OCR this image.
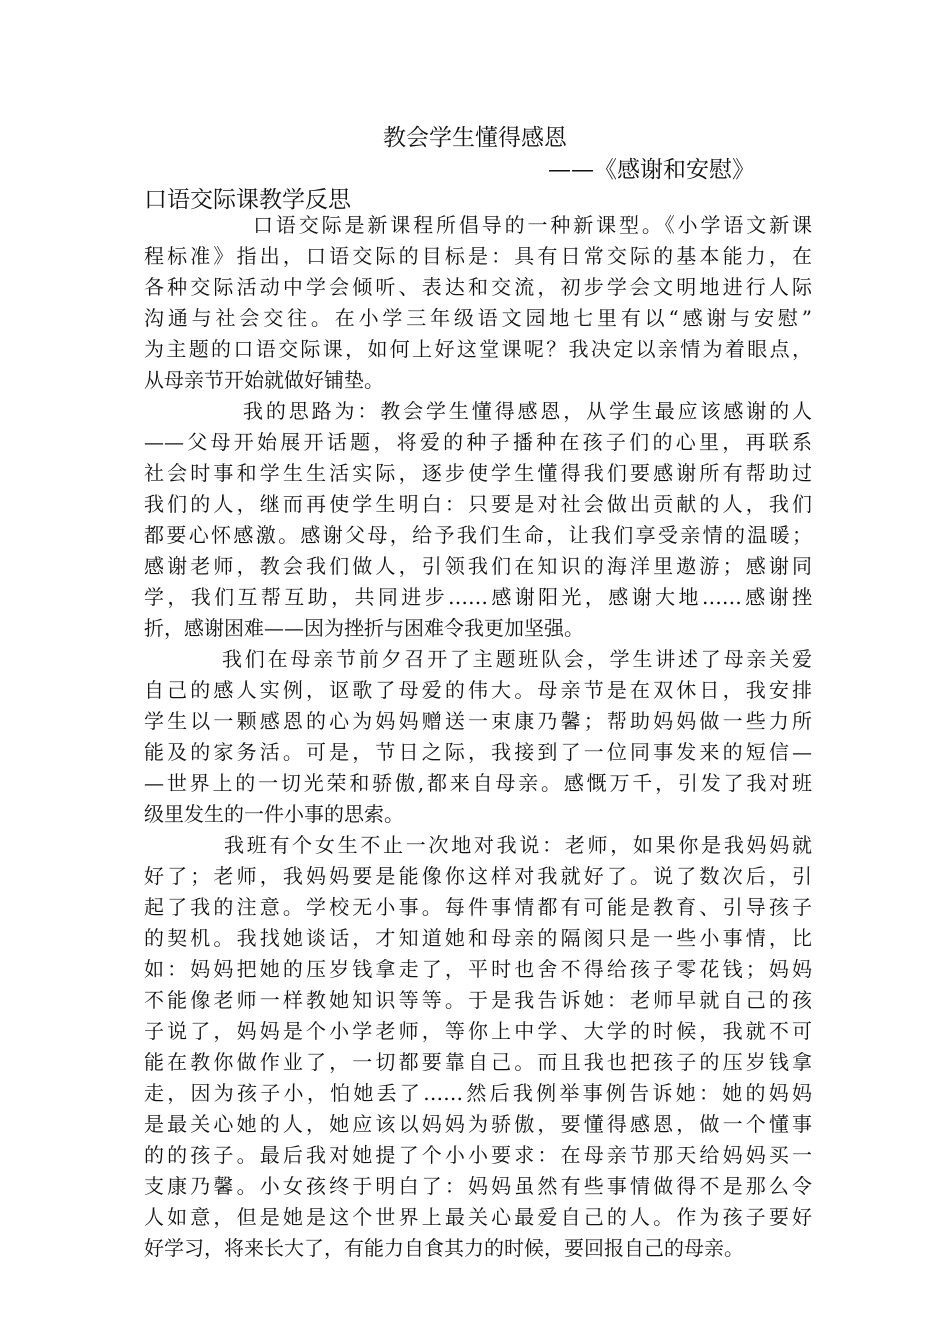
教会学生懂得感恩
——《感谢和安慰》
口语交际课教学反思

口语交际是新课程所倡导的一种新课型。《小学语文新课
程标准》指出，口语交际的目标是：具有日常交际的基本能力，在
各种交际活动中学会倾听、表达和交流，初步学会文明地进行人际
沟通与社会交往。在小学三年级语文园地七里有以“感谢与安慰”
为主题的口语交际课，如何上好这堂课呢？我决定以亲情为着眼点，
从母亲节开始就做好铺垫。

我的思路为：教会学生懂得感恩，从学生最应该感谢的人
——父母开始展开话题，将爱的种子播种在孩子们的心里，再联系
社会时事和学生生活实际，逐步使学生懂得我们要感谢所有帮助过
我们的人，继而再使学生明白：只要是对社会做出贡献的人，我们
都要心怀感激。感谢父母，给予我们生命，让我们享受亲情的温暖；
感谢老师，教会我们做人，引领我们在知识的海洋里遨游；感谢同
学，我们互帮互助，共同进步……感谢阳光，感谢大地……感谢挫
折，感谢困难——因为挫折与困难令我更加坚强。

我们在母亲节前夕召开了主题班队会，学生讲述了母亲关爱
自己的感人实例，讴歌了母爱的伟大。母亲节是在双休日，我安排
学生以一颗感恩的心为妈妈赠送一束康乃馨；帮助妈妈做一些力所
能及的家务活。可是，节日之际，我接到了一位同事发来的短信—
—世界上的一切光荣和骄傲,都来自母亲。感慨万千，引发了我对班
级里发生的一件小事的思索。

我班有个女生不止一次地对我说：老师，如果你是我妈妈就
好了；老师，我妈妈要是能像你这样对我就好了。说了数次后，引
起了我的注意。学校无小事。每件事情都有可能是教育、引导孩子
的契机。我找她谈话，才知道她和母亲的隔阂只是一些小事情，比
如：妈妈把她的压岁钱拿走了，平时也舍不得给孩子零花钱；妈妈
不能像老师一样教她知识等等。于是我告诉她：老师早就自己的孩
子说了，妈妈是个小学老师，等你上中学、大学的时候，我就不可
能在教你做作业了，一切都要靠自己。而且我也把孩子的压岁钱拿
走，因为孩子小，怕她丢了……然后我例举事例告诉她：她的妈妈
是最关心她的人，她应该以妈妈为骄傲，要懂得感恩，做一个懂事
的的孩子。最后我对她提了个小小要求：在母亲节那天给妈妈买一
支康乃馨。小女孩终于明白了：妈妈虽然有些事情做得不是那么令
人如意，但是她是这个世界上最关心最爱自己的人。作为孩子要好
好学习，将来长大了，有能力自食其力的时候，要回报自己的母亲。
